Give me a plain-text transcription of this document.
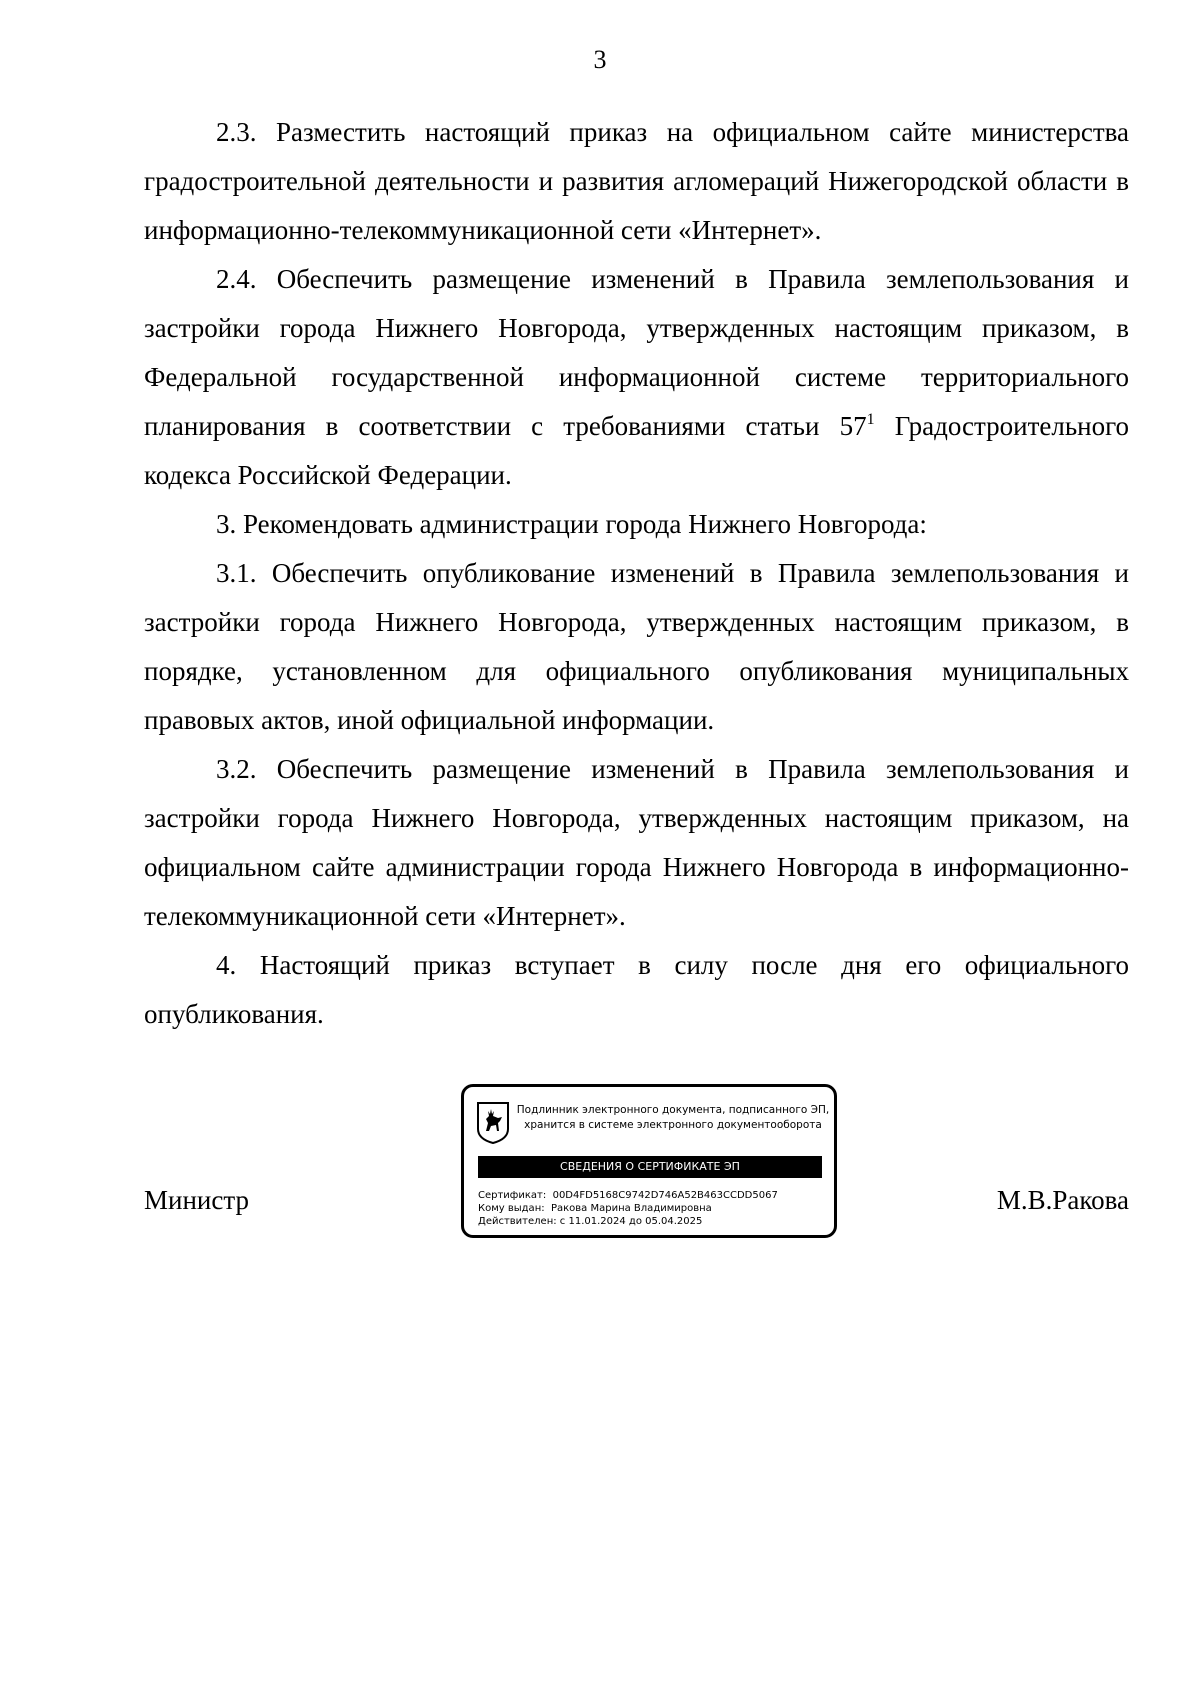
3

2.3. Разместить настоящий приказ на официальном сайте министерства градостроительной деятельности и развития агломераций Нижегородской области в информационно-телекоммуникационной сети «Интернет».

2.4. Обеспечить размещение изменений в Правила землепользования и застройки города Нижнего Новгорода, утвержденных настоящим приказом, в Федеральной государственной информационной системе территориального планирования в соответствии с требованиями статьи $57^1$ Градостроительного кодекса Российской Федерации.

3. Рекомендовать администрации города Нижнего Новгорода:

3.1. Обеспечить опубликование изменений в Правила землепользования и застройки города Нижнего Новгорода, утвержденных настоящим приказом, в порядке, установленном для официального опубликования муниципальных правовых актов, иной официальной информации.

3.2. Обеспечить размещение изменений в Правила землепользования и застройки города Нижнего Новгорода, утвержденных настоящим приказом, на официальном сайте администрации города Нижнего Новгорода в информационно-телекоммуникационной сети «Интернет».

4. Настоящий приказ вступает в силу после дня его официального опубликования.

Министр	М.В.Ракова
Подлинник электронного документа, подписанного ЭП,
хранится в системе электронного документооборота
СВЕДЕНИЯ О СЕРТИФИКАТЕ ЭП
Сертификат: 00D4FD5168C9742D746A52B463CCDD5067
Кому выдан: Ракова Марина Владимировна
Действителен: с 11.01.2024 до 05.04.2025
